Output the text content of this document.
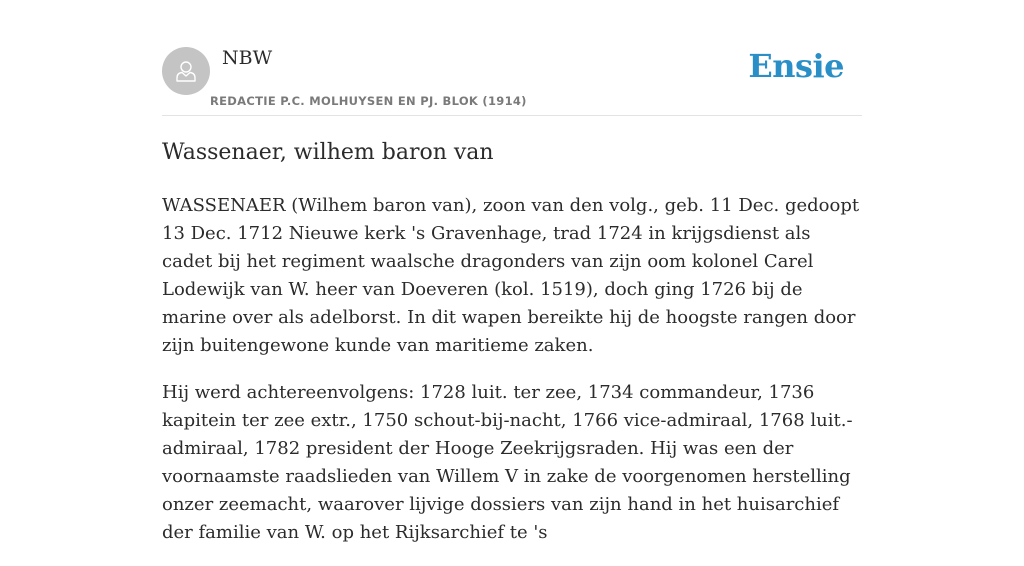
NBW
REDACTIE P.C. MOLHUYSEN EN PJ. BLOK (1914)
Ensie
Wassenaer, wilhem baron van

WASSENAER (Wilhem baron van), zoon van den volg., geb. 11 Dec. gedoopt 13 Dec. 1712 Nieuwe kerk 's Gravenhage, trad 1724 in krijgsdienst als cadet bij het regiment waalsche dragonders van zijn oom kolonel Carel Lodewijk van W. heer van Doeveren (kol. 1519), doch ging 1726 bij de marine over als adelborst. In dit wapen bereikte hij de hoogste rangen door zijn buitengewone kunde van maritieme zaken.

Hij werd achtereenvolgens: 1728 luit. ter zee, 1734 commandeur, 1736 kapitein ter zee extr., 1750 schout-bij-nacht, 1766 vice-admiraal, 1768 luit.-admiraal, 1782 president der Hooge Zeekrijgsraden. Hij was een der voornaamste raadslieden van Willem V in zake de voorgenomen herstelling onzer zeemacht, waarover lijvige dossiers van zijn hand in het huisarchief der familie van W. op het Rijksarchief te 's
